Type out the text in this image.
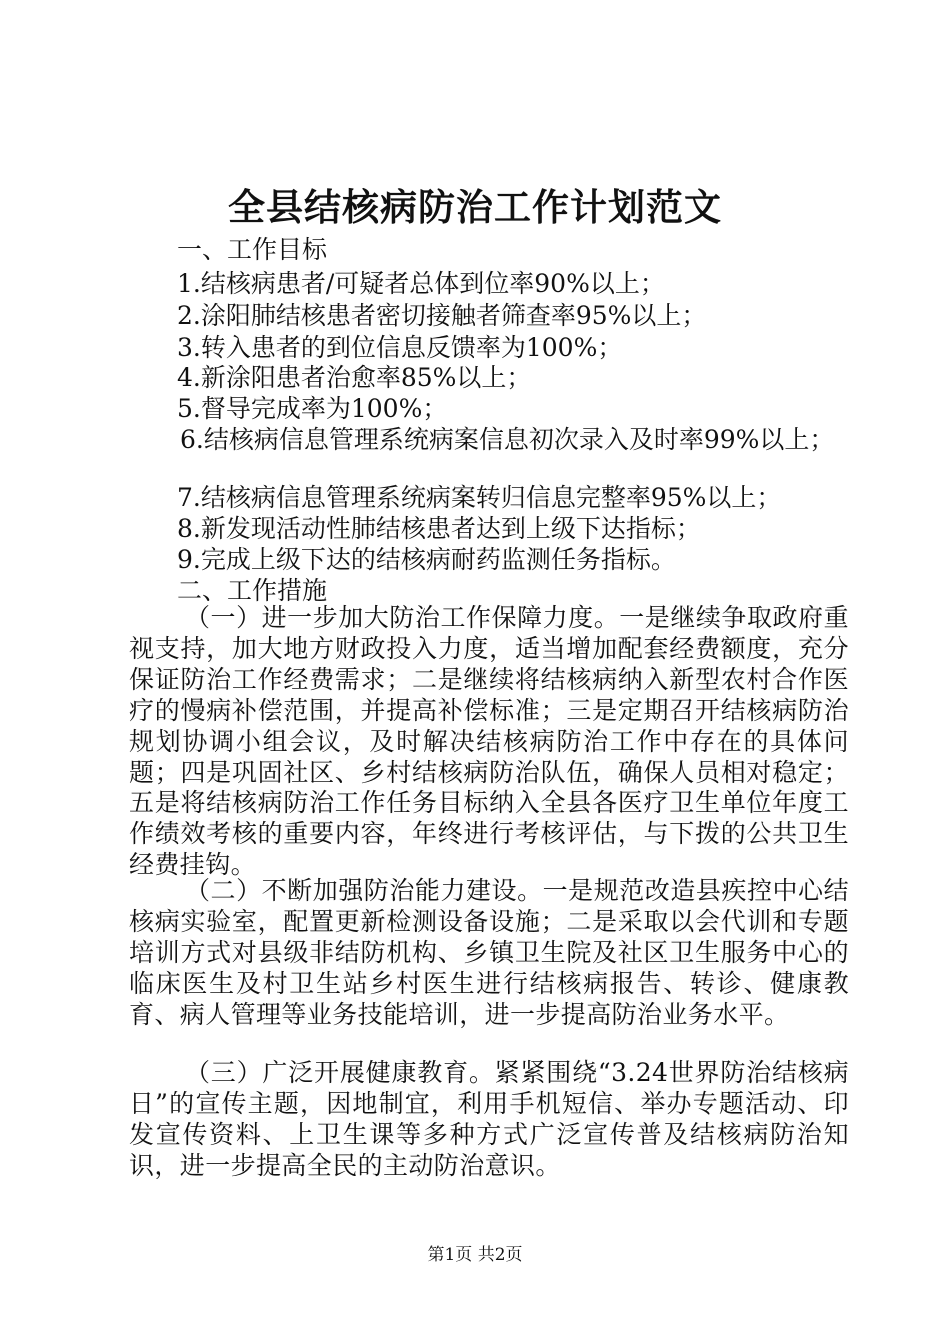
全县结核病防治工作计划范文
一、工作目标
1.结核病患者/可疑者总体到位率90%以上；
2.涂阳肺结核患者密切接触者筛查率95%以上；
3.转入患者的到位信息反馈率为100%；
4.新涂阳患者治愈率85%以上；
5.督导完成率为100%；
6.结核病信息管理系统病案信息初次录入及时率99%以上；
7.结核病信息管理系统病案转归信息完整率95%以上；
8.新发现活动性肺结核患者达到上级下达指标；
9.完成上级下达的结核病耐药监测任务指标。
二、工作措施
（一）进一步加大防治工作保障力度。一是继续争取政府重视支持，加大地方财政投入力度，适当增加配套经费额度，充分保证防治工作经费需求；二是继续将结核病纳入新型农村合作医疗的慢病补偿范围，并提高补偿标准；三是定期召开结核病防治规划协调小组会议，及时解决结核病防治工作中存在的具体问题；四是巩固社区、乡村结核病防治队伍，确保人员相对稳定；五是将结核病防治工作任务目标纳入全县各医疗卫生单位年度工作绩效考核的重要内容，年终进行考核评估，与下拨的公共卫生经费挂钩。
（二）不断加强防治能力建设。一是规范改造县疾控中心结核病实验室，配置更新检测设备设施；二是采取以会代训和专题培训方式对县级非结防机构、乡镇卫生院及社区卫生服务中心的临床医生及村卫生站乡村医生进行结核病报告、转诊、健康教育、病人管理等业务技能培训，进一步提高防治业务水平。
（三）广泛开展健康教育。紧紧围绕“3.24世界防治结核病日”的宣传主题，因地制宜，利用手机短信、举办专题活动、印发宣传资料、上卫生课等多种方式广泛宣传普及结核病防治知识，进一步提高全民的主动防治意识。
第1页 共2页
